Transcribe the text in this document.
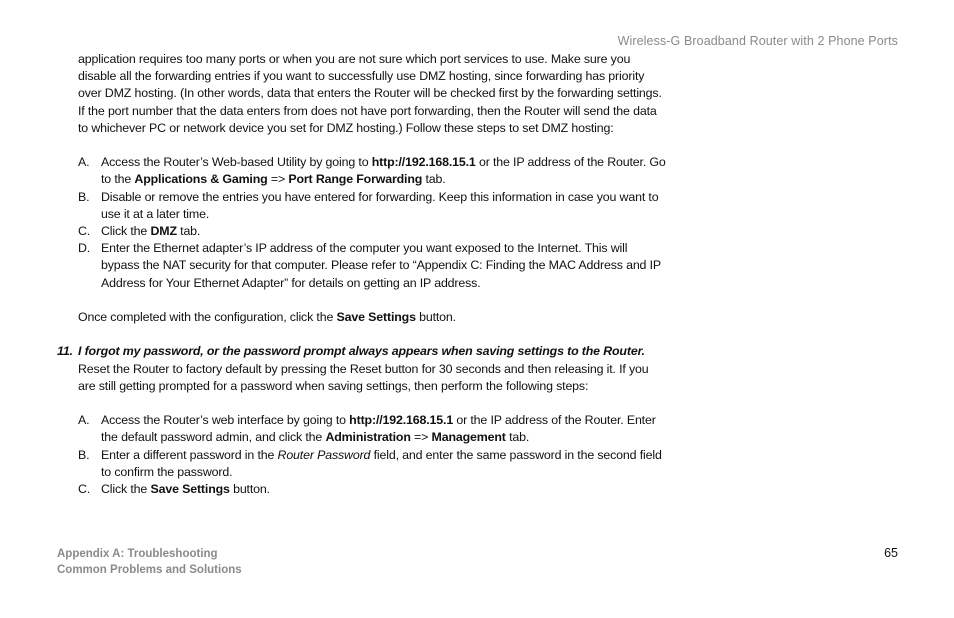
Wireless-G Broadband Router with 2 Phone Ports

application requires too many ports or when you are not sure which port services to use. Make sure you disable all the forwarding entries if you want to successfully use DMZ hosting, since forwarding has priority over DMZ hosting. (In other words, data that enters the Router will be checked first by the forwarding settings. If the port number that the data enters from does not have port forwarding, then the Router will send the data to whichever PC or network device you set for DMZ hosting.) Follow these steps to set DMZ hosting:

A. Access the Router’s Web-based Utility by going to http://192.168.15.1 or the IP address of the Router. Go to the Applications & Gaming => Port Range Forwarding tab.
B. Disable or remove the entries you have entered for forwarding. Keep this information in case you want to use it at a later time.
C. Click the DMZ tab.
D. Enter the Ethernet adapter’s IP address of the computer you want exposed to the Internet. This will bypass the NAT security for that computer. Please refer to “Appendix C: Finding the MAC Address and IP Address for Your Ethernet Adapter” for details on getting an IP address.

Once completed with the configuration, click the Save Settings button.

11. I forgot my password, or the password prompt always appears when saving settings to the Router.

Reset the Router to factory default by pressing the Reset button for 30 seconds and then releasing it. If you are still getting prompted for a password when saving settings, then perform the following steps:

A. Access the Router’s web interface by going to http://192.168.15.1 or the IP address of the Router. Enter the default password admin, and click the Administration => Management tab.
B. Enter a different password in the Router Password field, and enter the same password in the second field to confirm the password.
C. Click the Save Settings button.
Appendix A: Troubleshooting
Common Problems and Solutions
65
